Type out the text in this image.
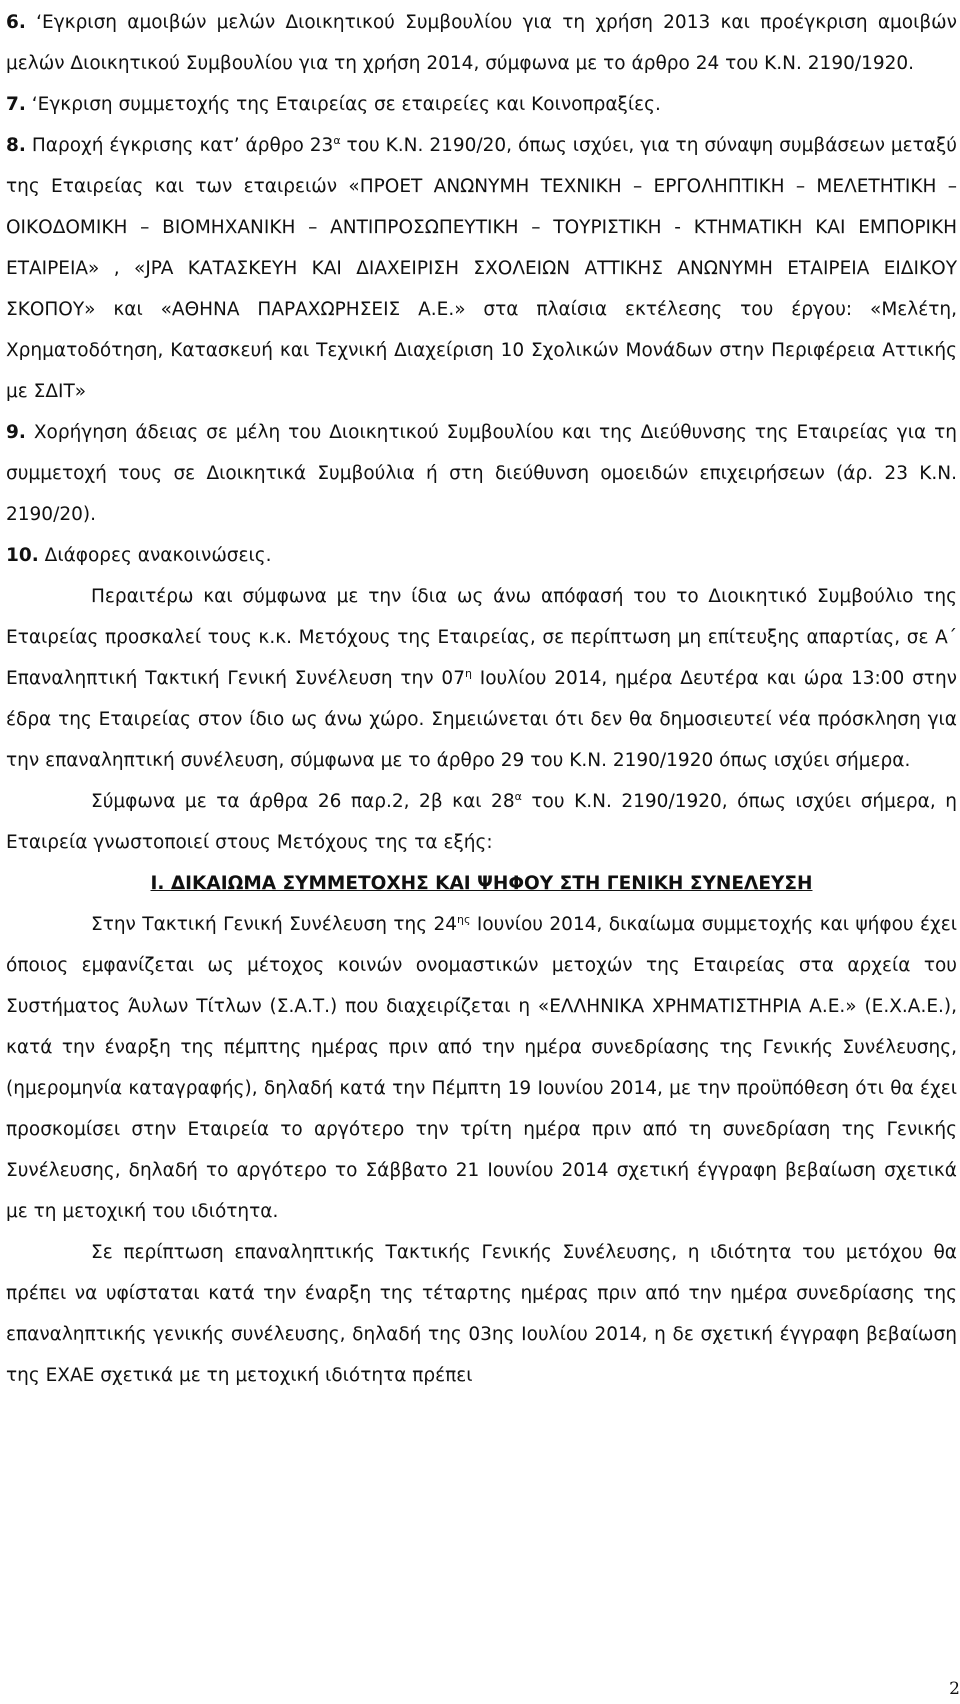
6. ‘Εγκριση αμοιβών μελών Διοικητικού Συμβουλίου για τη χρήση 2013 και προέγκριση αμοιβών μελών Διοικητικού Συμβουλίου για τη χρήση 2014, σύμφωνα με το άρθρο 24 του Κ.Ν. 2190/1920.

7. ‘Εγκριση συμμετοχής της Εταιρείας σε εταιρείες και Κοινοπραξίες.

8. Παροχή έγκρισης κατ’ άρθρο $23^\alpha$ του Κ.Ν. 2190/20, όπως ισχύει, για τη σύναψη συμβάσεων μεταξύ της Εταιρείας και των εταιρειών «ΠΡΟΕΤ ΑΝΩΝΥΜΗ ΤΕΧΝΙΚΗ – ΕΡΓΟΛΗΠΤΙΚΗ – ΜΕΛΕΤΗΤΙΚΗ – ΟΙΚΟΔΟΜΙΚΗ – ΒΙΟΜΗΧΑΝΙΚΗ – ΑΝΤΙΠΡΟΣΩΠΕΥΤΙΚΗ – ΤΟΥΡΙΣΤΙΚΗ - ΚΤΗΜΑΤΙΚΗ ΚΑΙ ΕΜΠΟΡΙΚΗ ΕΤΑΙΡΕΙΑ» , «JPA ΚΑΤΑΣΚΕΥΗ ΚΑΙ ΔΙΑΧΕΙΡΙΣΗ ΣΧΟΛΕΙΩΝ ΑΤΤΙΚΗΣ ΑΝΩΝΥΜΗ ΕΤΑΙΡΕΙΑ ΕΙΔΙΚΟΥ ΣΚΟΠΟΥ» και «ΑΘΗΝΑ ΠΑΡΑΧΩΡΗΣΕΙΣ Α.Ε.» στα πλαίσια εκτέλεσης του έργου: «Μελέτη, Χρηματοδότηση, Κατασκευή και Τεχνική Διαχείριση 10 Σχολικών Μονάδων στην Περιφέρεια Αττικής με ΣΔΙΤ»

9. Χορήγηση άδειας σε μέλη του Διοικητικού Συμβουλίου και της Διεύθυνσης της Εταιρείας για τη συμμετοχή τους σε Διοικητικά Συμβούλια ή στη διεύθυνση ομοειδών επιχειρήσεων (άρ. 23 Κ.Ν. 2190/20).

10. Διάφορες ανακοινώσεις.

Περαιτέρω και σύμφωνα με την ίδια ως άνω απόφασή του το Διοικητικό Συμβούλιο της Εταιρείας προσκαλεί τους κ.κ. Μετόχους της Εταιρείας, σε περίπτωση μη επίτευξης απαρτίας, σε Α΄ Επαναληπτική Τακτική Γενική Συνέλευση την $07^\eta$ Ιουλίου 2014, ημέρα Δευτέρα και ώρα 13:00 στην έδρα της Εταιρείας στον ίδιο ως άνω χώρο. Σημειώνεται ότι δεν θα δημοσιευτεί νέα πρόσκληση για την επαναληπτική συνέλευση, σύμφωνα με το άρθρο 29 του Κ.Ν. 2190/1920 όπως ισχύει σήμερα.

Σύμφωνα με τα άρθρα 26 παρ.2, 2β και $28^\alpha$ του Κ.Ν. 2190/1920, όπως ισχύει σήμερα, η Εταιρεία γνωστοποιεί στους Μετόχους της τα εξής:

Ι. ΔΙΚΑΙΩΜΑ ΣΥΜΜΕΤΟΧΗΣ ΚΑΙ ΨΗΦΟΥ ΣΤΗ ΓΕΝΙΚΗ ΣΥΝΕΛΕΥΣΗ

Στην Τακτική Γενική Συνέλευση της $24^{\eta\varsigma}$ Ιουνίου 2014, δικαίωμα συμμετοχής και ψήφου έχει όποιος εμφανίζεται ως μέτοχος κοινών ονομαστικών μετοχών της Εταιρείας στα αρχεία του Συστήματος Άυλων Τίτλων (Σ.Α.Τ.) που διαχειρίζεται η «ΕΛΛΗΝΙΚΑ ΧΡΗΜΑΤΙΣΤΗΡΙΑ Α.Ε.» (Ε.Χ.Α.Ε.), κατά την έναρξη της πέμπτης ημέρας πριν από την ημέρα συνεδρίασης της Γενικής Συνέλευσης, (ημερομηνία καταγραφής), δηλαδή κατά την Πέμπτη 19 Ιουνίου 2014, με την προϋπόθεση ότι θα έχει προσκομίσει στην Εταιρεία το αργότερο την τρίτη ημέρα πριν από τη συνεδρίαση της Γενικής Συνέλευσης, δηλαδή το αργότερο το Σάββατο 21 Ιουνίου 2014 σχετική έγγραφη βεβαίωση σχετικά με τη μετοχική του ιδιότητα.

Σε περίπτωση επαναληπτικής Τακτικής Γενικής Συνέλευσης, η ιδιότητα του μετόχου θα πρέπει να υφίσταται κατά την έναρξη της τέταρτης ημέρας πριν από την ημέρα συνεδρίασης της επαναληπτικής γενικής συνέλευσης, δηλαδή της 03ης Ιουλίου 2014, η δε σχετική έγγραφη βεβαίωση της ΕΧΑΕ σχετικά με τη μετοχική ιδιότητα πρέπει

2
